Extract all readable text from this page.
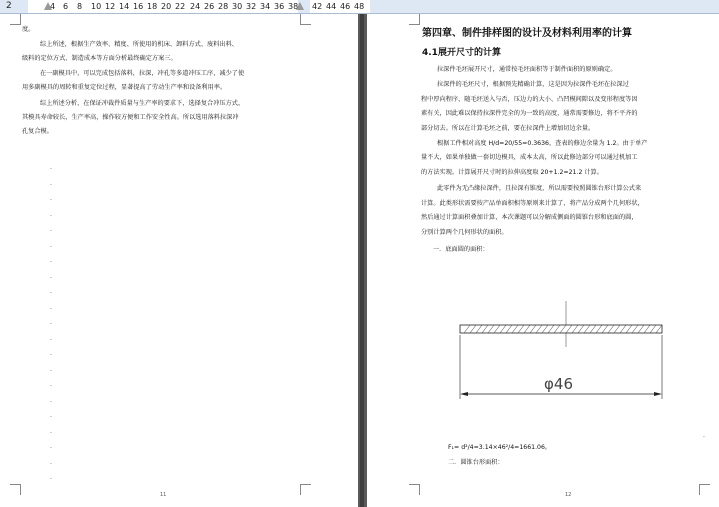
2	4 6 8 10 12 14 16 18 20 22 24 26 28 30 32 34 36 38 42 44 46 48
度。
综上所述，根据生产效率、精度、所使用的机床、卸料方式、废料出料、
级料的定位方式、制造成本等方面分析最终确定方案三。
在一副模具中，可以完成包括落料，拉深，冲孔等多道冲压工序，减少了使
用多副模具的周转和重复定位过程，显著提高了劳动生产率和设备利用率。
综上所述分析，在保证冲裁件质量与生产率的要求下，选择复合冲压方式，
其模具寿命较长，生产率高，操作较方便和工作安全性高。所以选用落料拉深冲
孔复合模。
.
.
.
.
.
.
.
.
.
.
.
.
.
.
.
.
.
.
.
.
.
11
第四章、制件排样图的设计及材料利用率的计算
4.1展开尺寸的计算
拉深件毛坯展开尺寸，通常按毛坯面积等于制件面积的原则确定。
拉深件的毛坯尺寸，根据预先精确计算，这是因为拉深件毛坯在拉深过
程中厚向程序，随毛坯送入与否，压边力的大小、凸凹模间隙以及变形程度等因
素有关，因此难以保持拉深件完全的为一致的高度，通常需要修边，将不平齐的
部分切去。所以在计算毛坯之前，要在拉深件上增加切边余量。
根据工件相对高度 H/d=20/55=0.3636，查表的修边余量为 1.2。由于单产
量不大，如果单独做一套切边模具，成本太高，所以此修边部分可以通过机加工
的方法实现。计算展开尺寸时的拉伸高度取 20+1.2=21.2 计算。
此零件为无凸缘拉深件，且拉深有锥度，所以需要按照圆锥台形计算公式来
计算。此类形状需要按产品单面积相等原则来计算了，将产品分成两个几何形状，
然后通过计算面积叠加计算，本次课题可以分解成侧面的圆锥台形和底面的圆，
分别计算两个几何形状的面积。
一．底面圆的面积：
φ46
F₁= d²/4=3.14×46²/4=1661.06。
二．圆锥台形面积：
12
.
